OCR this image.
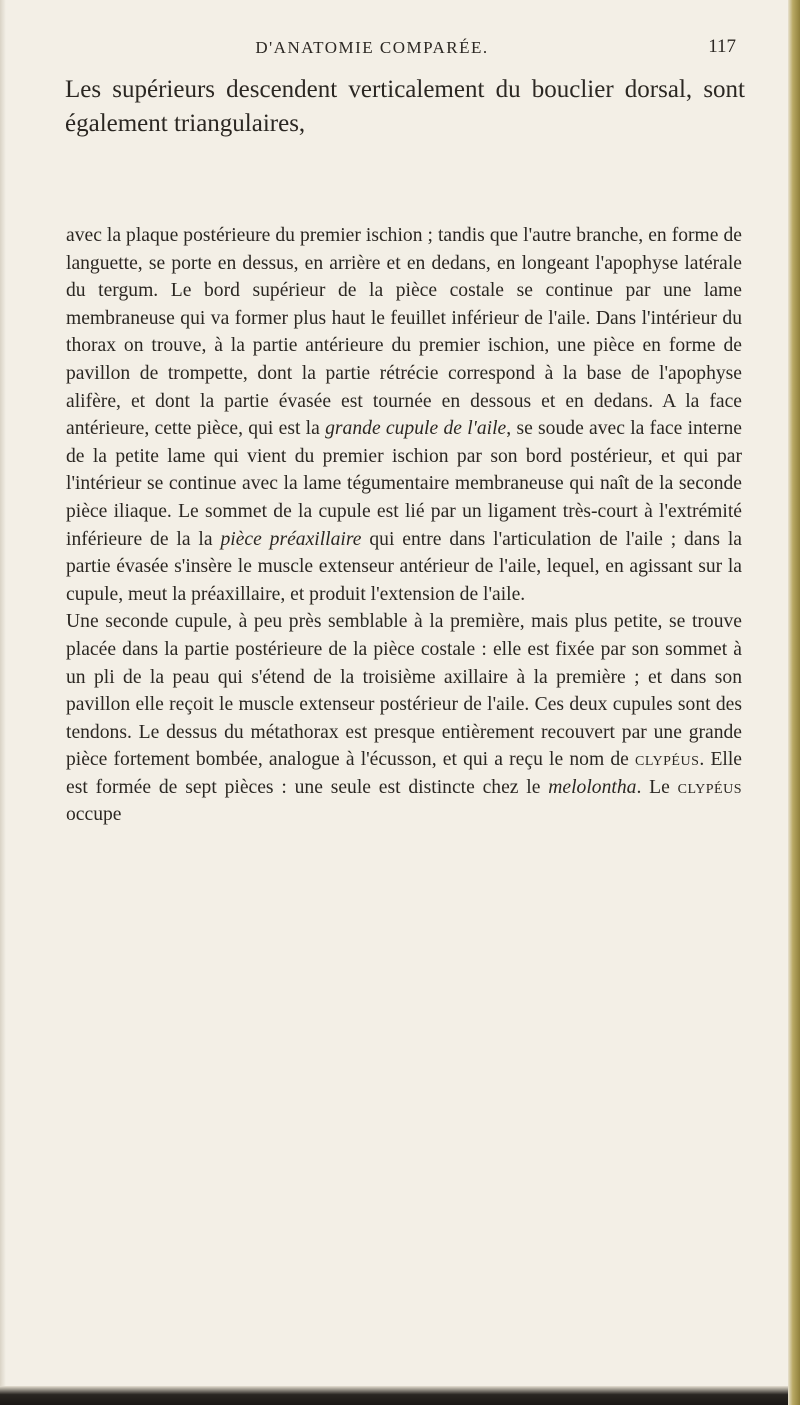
D'ANATOMIE COMPARÉE.	117
Les supérieurs descendent verticalement du bouclier dorsal, sont également triangulaires,

avec la plaque postérieure du premier ischion ; tandis que l'autre branche, en forme de languette, se porte en dessus, en arrière et en dedans, en longeant l'apophyse latérale du tergum. Le bord supérieur de la pièce costale se continue par une lame membraneuse qui va former plus haut le feuillet inférieur de l'aile. Dans l'intérieur du thorax on trouve, à la partie antérieure du premier ischion, une pièce en forme de pavillon de trompette, dont la partie rétrécie correspond à la base de l'apophyse alifère, et dont la partie évasée est tournée en dessous et en dedans. A la face antérieure, cette pièce, qui est la grande cupule de l'aile, se soude avec la face interne de la petite lame qui vient du premier ischion par son bord postérieur, et qui par l'intérieur se continue avec la lame tégumentaire membraneuse qui naît de la seconde pièce iliaque. Le sommet de la cupule est lié par un ligament très-court à l'extrémité inférieure de la la pièce préaxillaire qui entre dans l'articulation de l'aile ; dans la partie évasée s'insère le muscle extenseur antérieur de l'aile, lequel, en agissant sur la cupule, meut la préaxillaire, et produit l'extension de l'aile.

Une seconde cupule, à peu près semblable à la première, mais plus petite, se trouve placée dans la partie postérieure de la pièce costale : elle est fixée par son sommet à un pli de la peau qui s'étend de la troisième axillaire à la première ; et dans son pavillon elle reçoit le muscle extenseur postérieur de l'aile. Ces deux cupules sont des tendons. Le dessus du métathorax est presque entièrement recouvert par une grande pièce fortement bombée, analogue à l'écusson, et qui a reçu le nom de clypéus. Elle est formée de sept pièces : une seule est distincte chez le melolontha. Le clypéus occupe
